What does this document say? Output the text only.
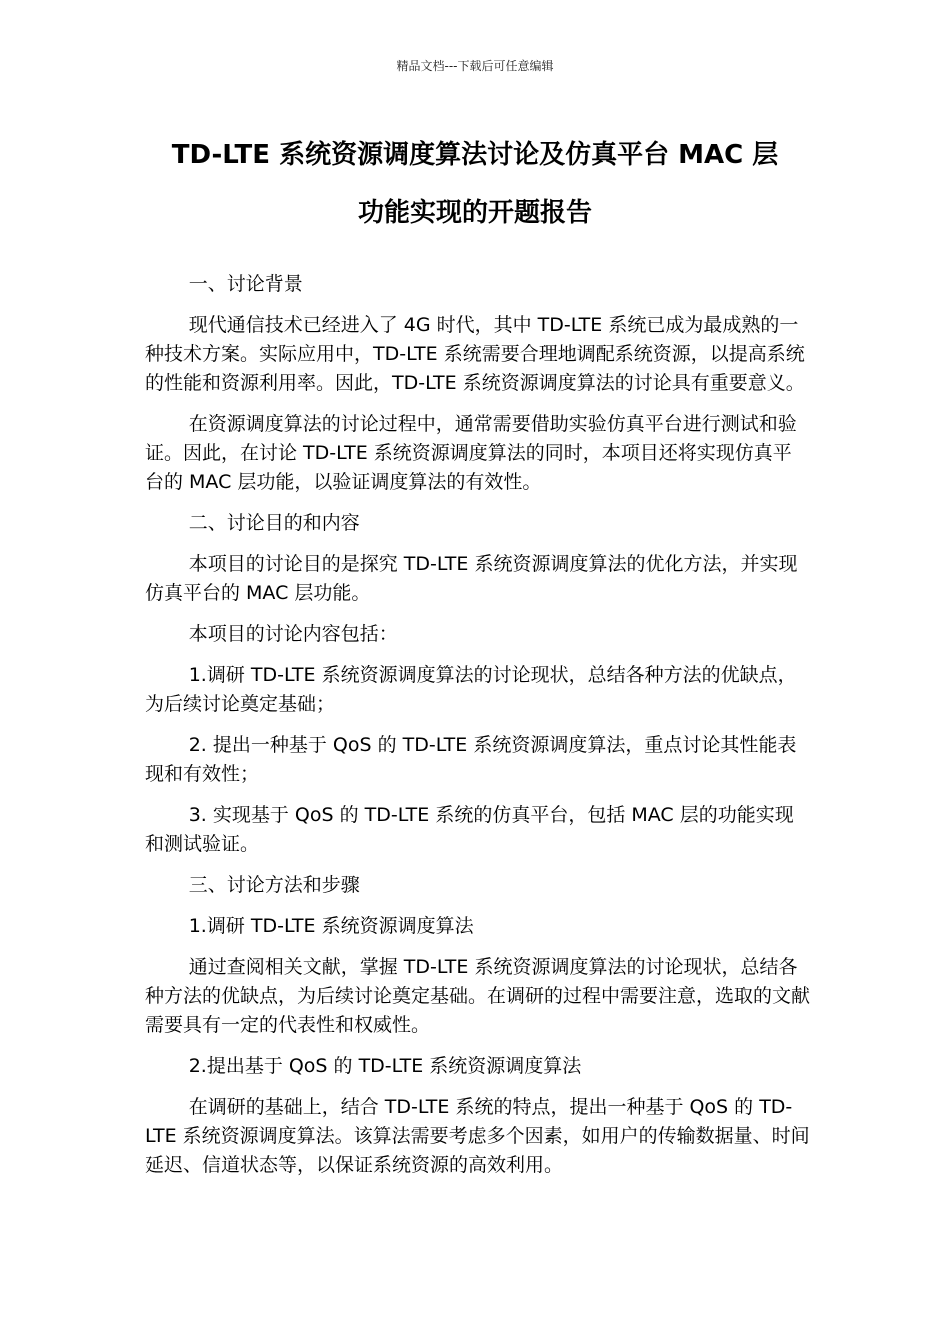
精品文档---下载后可任意编辑
TD-LTE 系统资源调度算法讨论及仿真平台 MAC 层
功能实现的开题报告

一、讨论背景

现代通信技术已经进入了 4G 时代，其中 TD-LTE 系统已成为最成熟的一种技术方案。实际应用中，TD-LTE 系统需要合理地调配系统资源，以提高系统的性能和资源利用率。因此，TD-LTE 系统资源调度算法的讨论具有重要意义。

在资源调度算法的讨论过程中，通常需要借助实验仿真平台进行测试和验证。因此，在讨论 TD-LTE 系统资源调度算法的同时，本项目还将实现仿真平台的 MAC 层功能，以验证调度算法的有效性。

二、讨论目的和内容

本项目的讨论目的是探究 TD-LTE 系统资源调度算法的优化方法，并实现仿真平台的 MAC 层功能。

本项目的讨论内容包括：

1.调研 TD-LTE 系统资源调度算法的讨论现状，总结各种方法的优缺点，为后续讨论奠定基础；

2. 提出一种基于 QoS 的 TD-LTE 系统资源调度算法，重点讨论其性能表现和有效性；

3. 实现基于 QoS 的 TD-LTE 系统的仿真平台，包括 MAC 层的功能实现和测试验证。

三、讨论方法和步骤

1.调研 TD-LTE 系统资源调度算法

通过查阅相关文献，掌握 TD-LTE 系统资源调度算法的讨论现状，总结各种方法的优缺点，为后续讨论奠定基础。在调研的过程中需要注意，选取的文献需要具有一定的代表性和权威性。

2.提出基于 QoS 的 TD-LTE 系统资源调度算法

在调研的基础上，结合 TD-LTE 系统的特点，提出一种基于 QoS 的 TD-LTE 系统资源调度算法。该算法需要考虑多个因素，如用户的传输数据量、时间延迟、信道状态等，以保证系统资源的高效利用。
